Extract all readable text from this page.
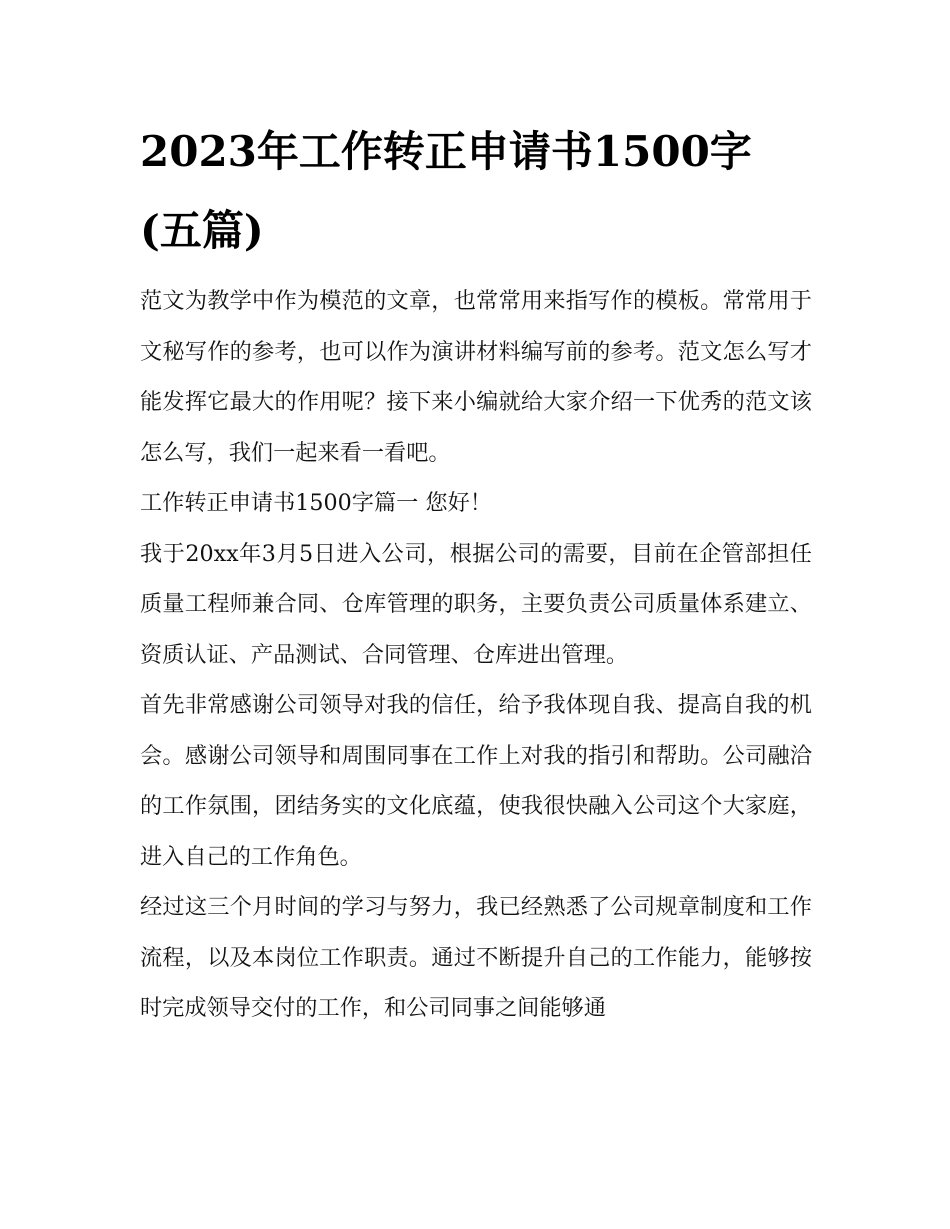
2023年工作转正申请书1500字(五篇)

范文为教学中作为模范的文章，也常常用来指写作的模板。常常用于文秘写作的参考，也可以作为演讲材料编写前的参考。范文怎么写才能发挥它最大的作用呢？接下来小编就给大家介绍一下优秀的范文该怎么写，我们一起来看一看吧。

工作转正申请书1500字篇一 您好！

我于20xx年3月5日进入公司，根据公司的需要，目前在企管部担任质量工程师兼合同、仓库管理的职务，主要负责公司质量体系建立、资质认证、产品测试、合同管理、仓库进出管理。

首先非常感谢公司领导对我的信任，给予我体现自我、提高自我的机会。感谢公司领导和周围同事在工作上对我的指引和帮助。公司融洽的工作氛围，团结务实的文化底蕴，使我很快融入公司这个大家庭，进入自己的工作角色。

经过这三个月时间的学习与努力，我已经熟悉了公司规章制度和工作流程，以及本岗位工作职责。通过不断提升自己的工作能力，能够按时完成领导交付的工作，和公司同事之间能够通
